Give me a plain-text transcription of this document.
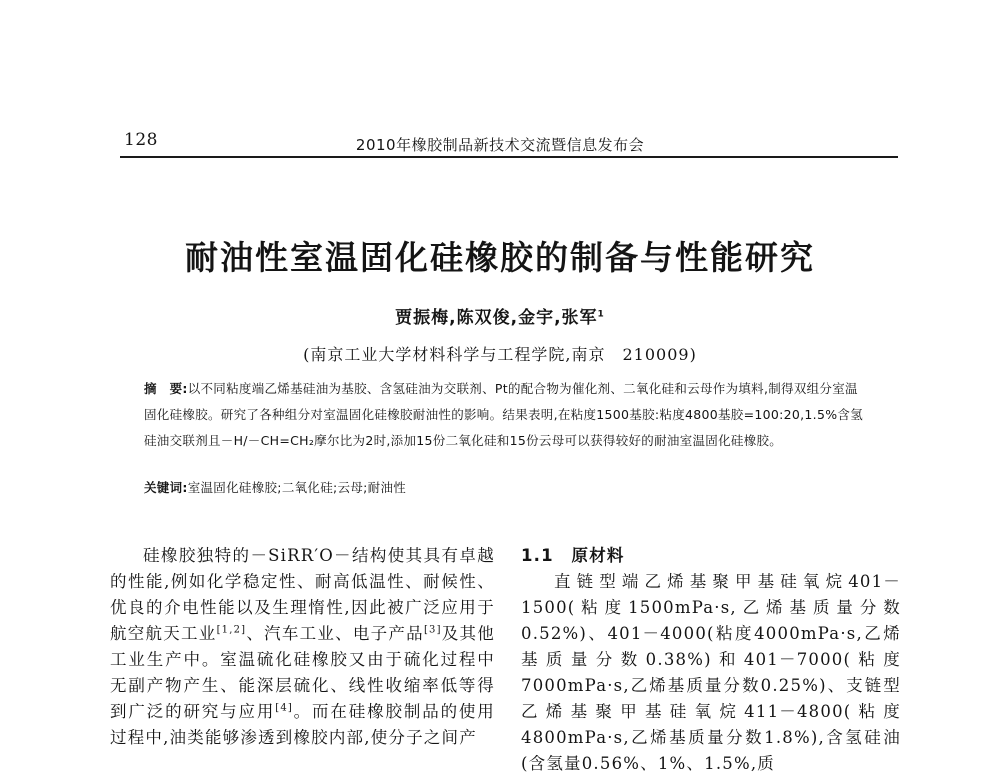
128	2010年橡胶制品新技术交流暨信息发布会
耐油性室温固化硅橡胶的制备与性能研究
贾振梅,陈双俊,金宇,张军$^1$
(南京工业大学材料科学与工程学院,南京　210009)
摘　要:以不同粘度端乙烯基硅油为基胶、含氢硅油为交联剂、Pt的配合物为催化剂、二氧化硅和云母作为填料,制得双组分室温固化硅橡胶。研究了各种组分对室温固化硅橡胶耐油性的影响。结果表明,在粘度1500基胶:粘度4800基胶=100:20,1.5%含氢硅油交联剂且－H/－CH=CH₂摩尔比为2时,添加15份二氧化硅和15份云母可以获得较好的耐油室温固化硅橡胶。
关键词:室温固化硅橡胶;二氧化硅;云母;耐油性

硅橡胶独特的－SiRR′O－结构使其具有卓越的性能,例如化学稳定性、耐高低温性、耐候性、优良的介电性能以及生理惰性,因此被广泛应用于航空航天工业[1,2]、汽车工业、电子产品[3]及其他工业生产中。室温硫化硅橡胶又由于硫化过程中无副产物产生、能深层硫化、线性收缩率低等得到广泛的研究与应用[4]。而在硅橡胶制品的使用过程中,油类能够渗透到橡胶内部,使分子之间产

1.1　原材料

直链型端乙烯基聚甲基硅氧烷401－1500(粘度1500mPa·s,乙烯基质量分数0.52%)、401－4000(粘度4000mPa·s,乙烯基质量分数0.38%)和401－7000(粘度7000mPa·s,乙烯基质量分数0.25%)、支链型乙烯基聚甲基硅氧烷411－4800(粘度4800mPa·s,乙烯基质量分数1.8%),含氢硅油(含氢量0.56%、1%、1.5%,质
